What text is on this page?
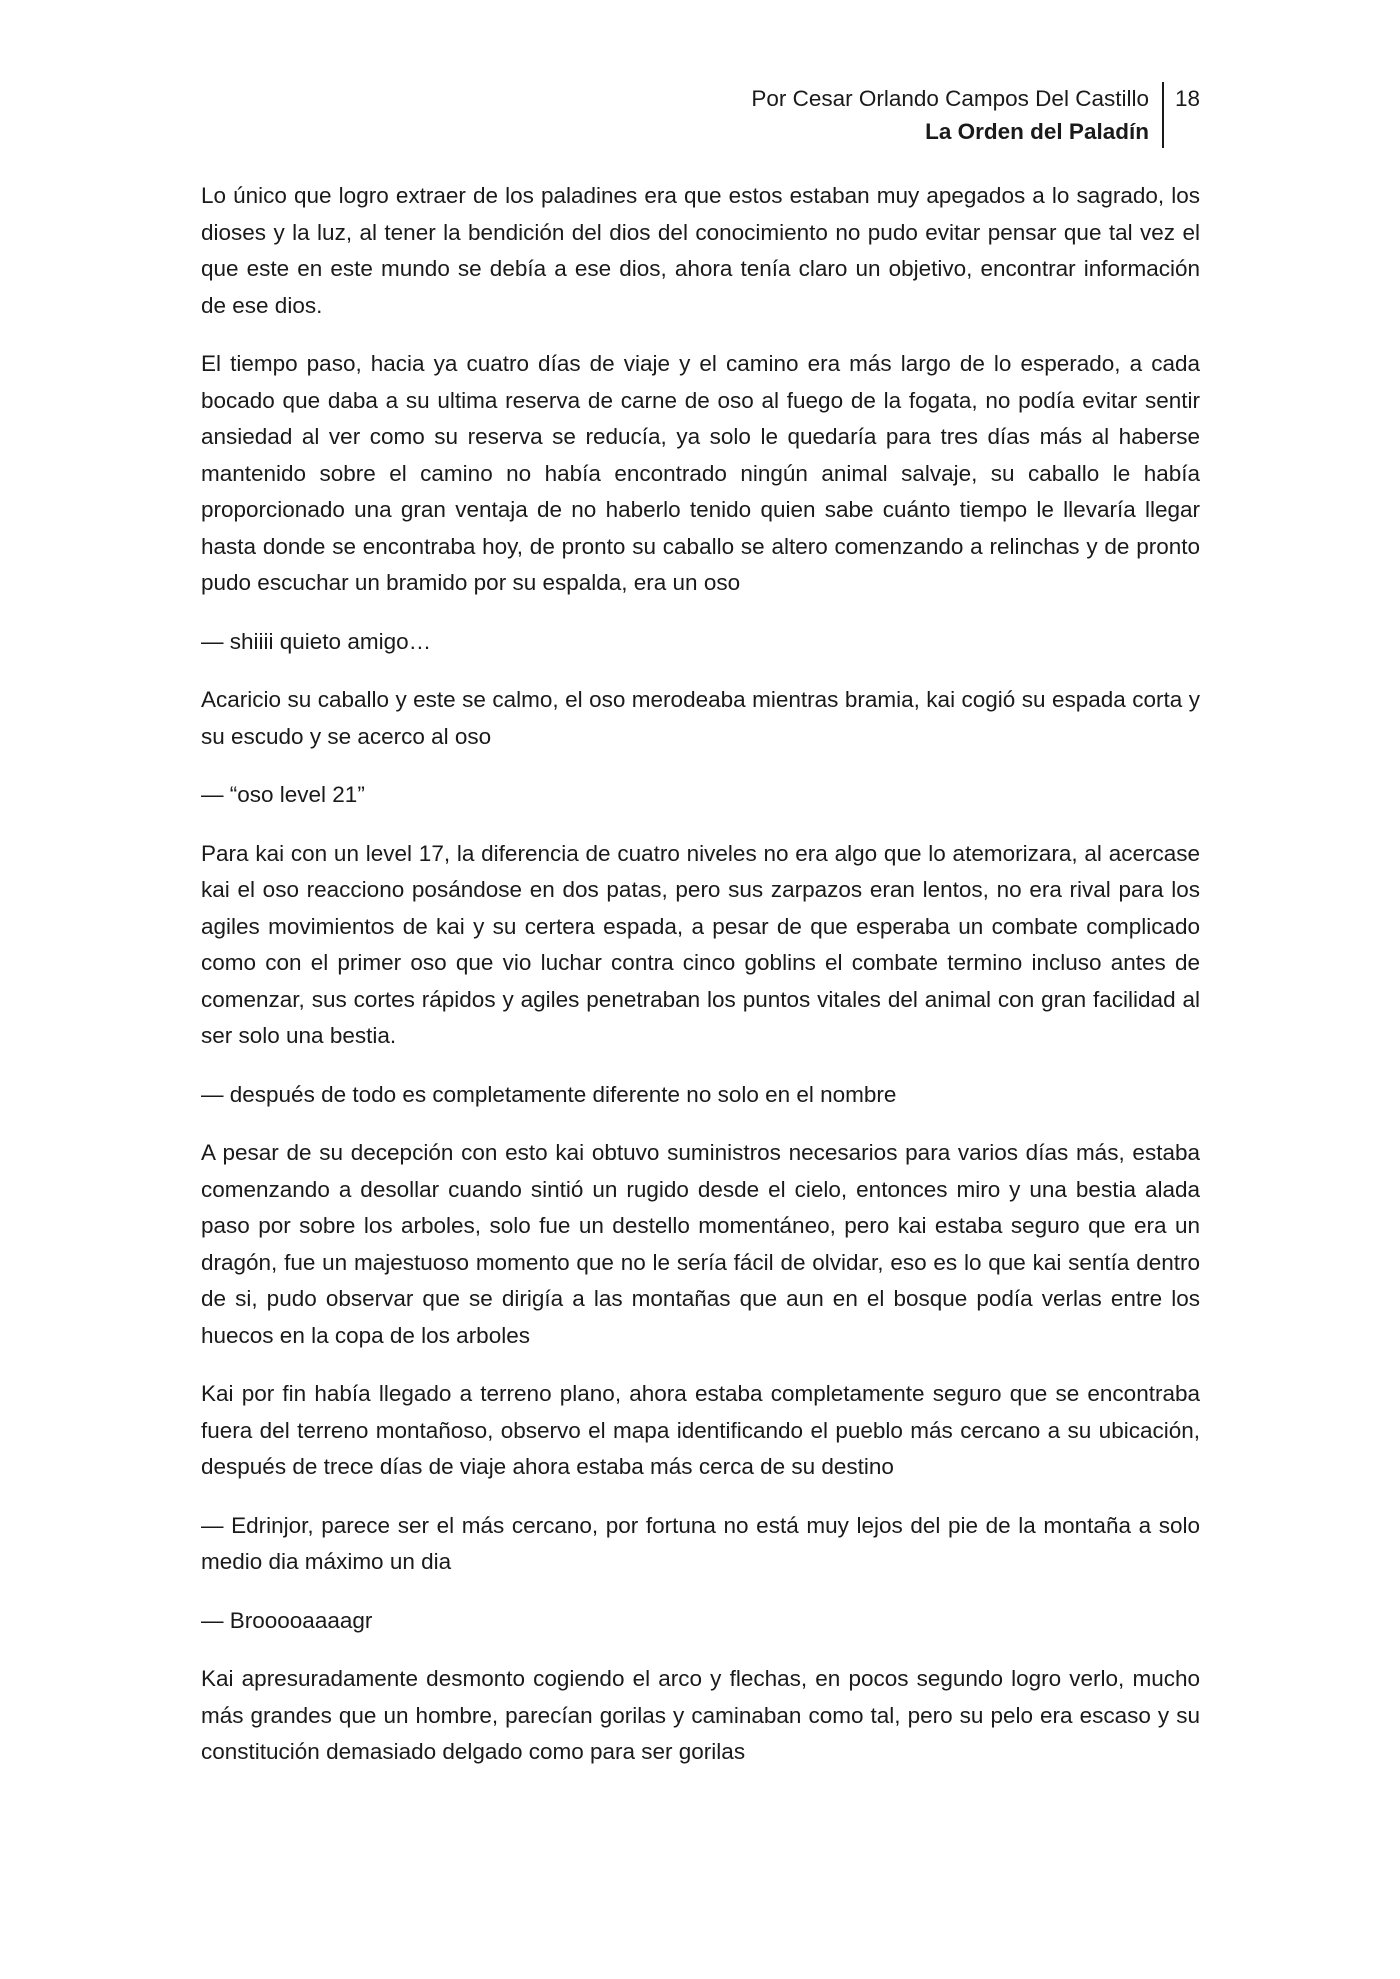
Por Cesar Orlando Campos Del Castillo
La Orden del Paladín
18

Lo único que logro extraer de los paladines era que estos estaban muy apegados a lo sagrado, los dioses y la luz, al tener la bendición del dios del conocimiento no pudo evitar pensar que tal vez el que este en este mundo se debía a ese dios, ahora tenía claro un objetivo, encontrar información de ese dios.

El tiempo paso, hacia ya cuatro días de viaje y el camino era más largo de lo esperado, a cada bocado que daba a su ultima reserva de carne de oso al fuego de la fogata, no podía evitar sentir ansiedad al ver como su reserva se reducía, ya solo le quedaría para tres días más al haberse mantenido sobre el camino no había encontrado ningún animal salvaje, su caballo le había proporcionado una gran ventaja de no haberlo tenido quien sabe cuánto tiempo le llevaría llegar hasta donde se encontraba hoy, de pronto su caballo se altero comenzando a relinchas y de pronto pudo escuchar un bramido por su espalda, era un oso

— shiiii quieto amigo…

Acaricio su caballo y este se calmo, el oso merodeaba mientras bramia, kai cogió su espada corta y su escudo y se acerco al oso

— “oso level 21”

Para kai con un level 17, la diferencia de cuatro niveles no era algo que lo atemorizara, al acercase kai el oso reacciono posándose en dos patas, pero sus zarpazos eran lentos, no era rival para los agiles movimientos de kai y su certera espada, a pesar de que esperaba un combate complicado como con el primer oso que vio luchar contra cinco goblins el combate termino incluso antes de comenzar, sus cortes rápidos y agiles penetraban los puntos vitales del animal con gran facilidad al ser solo una bestia.

— después de todo es completamente diferente no solo en el nombre

A pesar de su decepción con esto kai obtuvo suministros necesarios para varios días más, estaba comenzando a desollar cuando sintió un rugido desde el cielo, entonces miro y una bestia alada paso por sobre los arboles, solo fue un destello momentáneo, pero kai estaba seguro que era un dragón, fue un majestuoso momento que no le sería fácil de olvidar, eso es lo que kai sentía dentro de si, pudo observar que se dirigía a las montañas que aun en el bosque podía verlas entre los huecos en la copa de los arboles

Kai por fin había llegado a terreno plano, ahora estaba completamente seguro que se encontraba fuera del terreno montañoso, observo el mapa identificando el pueblo más cercano a su ubicación, después de trece días de viaje ahora estaba más cerca de su destino

— Edrinjor, parece ser el más cercano, por fortuna no está muy lejos del pie de la montaña a solo medio dia máximo un dia

— Brooooaaaagr

Kai apresuradamente desmonto cogiendo el arco y flechas, en pocos segundo logro verlo, mucho más grandes que un hombre, parecían gorilas y caminaban como tal, pero su pelo era escaso y su constitución demasiado delgado como para ser gorilas
